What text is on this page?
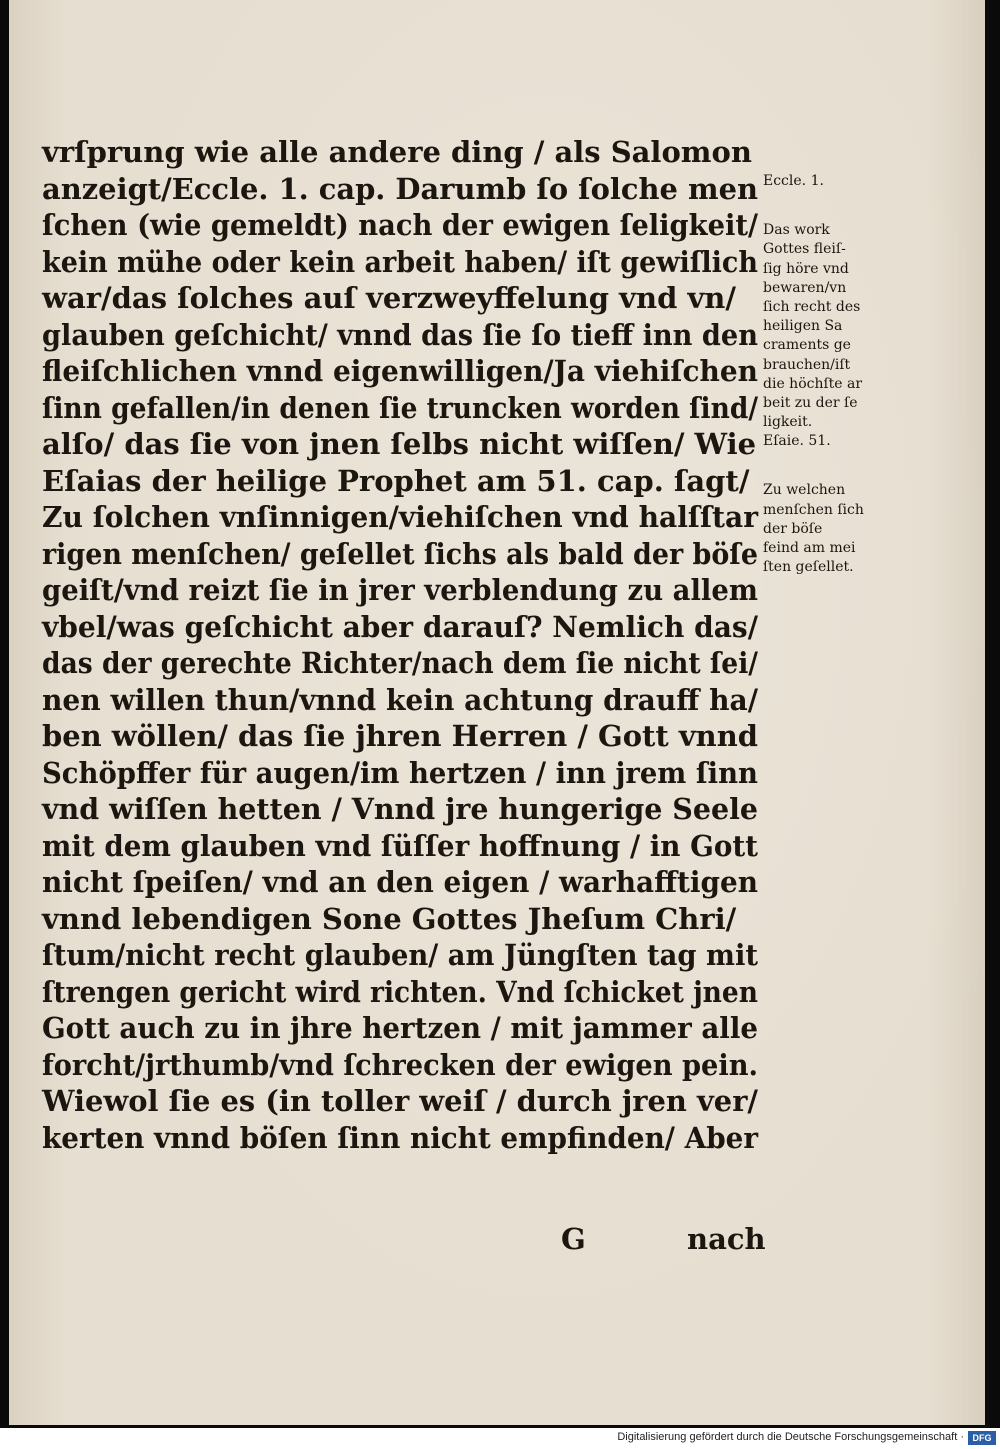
vrſprung wie alle andere ding / als Salomon
anzeigt/Eccle. 1. cap. Darumb ſo ſolche men
ſchen (wie gemeldt) nach der ewigen ſeligkeit/
kein mühe oder kein arbeit haben/ iſt gewiſlich
war/das ſolches auſ verzweyffelung vnd vn/
glauben geſchicht/ vnnd das ſie ſo tieff inn den
fleiſchlichen vnnd eigenwilligen/Ja viehiſchen
ſinn gefallen/in denen ſie truncken worden ſind/
alſo/ das ſie von jnen ſelbs nicht wiſſen/ Wie
Eſaias der heilige Prophet am 51. cap. ſagt/
Zu ſolchen vnſinnigen/viehiſchen vnd halſſtar
rigen menſchen/ geſellet ſichs als bald der böſe
geiſt/vnd reizt ſie in jrer verblendung zu allem
vbel/was geſchicht aber darauſ? Nemlich das/
das der gerechte Richter/nach dem ſie nicht ſei/
nen willen thun/vnnd kein achtung drauff ha/
ben wöllen/ das ſie jhren Herren / Gott vnnd
Schöpffer für augen/im hertzen / inn jrem ſinn
vnd wiſſen hetten / Vnnd jre hungerige Seele
mit dem glauben vnd ſüſſer hoffnung / in Gott
nicht ſpeiſen/ vnd an den eigen / warhafftigen
vnnd lebendigen Sone Gottes Jheſum Chri/
ſtum/nicht recht glauben/ am Jüngſten tag mit
ſtrengen gericht wird richten. Vnd ſchicket jnen
Gott auch zu in jhre hertzen / mit jammer alle
forcht/jrthumb/vnd ſchrecken der ewigen pein.
Wiewol ſie es (in toller weiſ / durch jren ver/
kerten vnnd böſen ſinn nicht empfinden/ Aber
G	nach
Eccle. 1.
Das work
Gottes fleiſ-
ſig höre vnd
bewaren/vn
ſich recht des
heiligen Sa
craments ge
brauchen/iſt
die höchſte ar
beit zu der ſe
ligkeit.
Eſaie. 51.
Zu welchen
menſchen ſich
der böſe
feind am mei
ſten geſellet.
Digitalisierung gefördert durch die Deutsche Forschungsgemeinschaft · DFG
